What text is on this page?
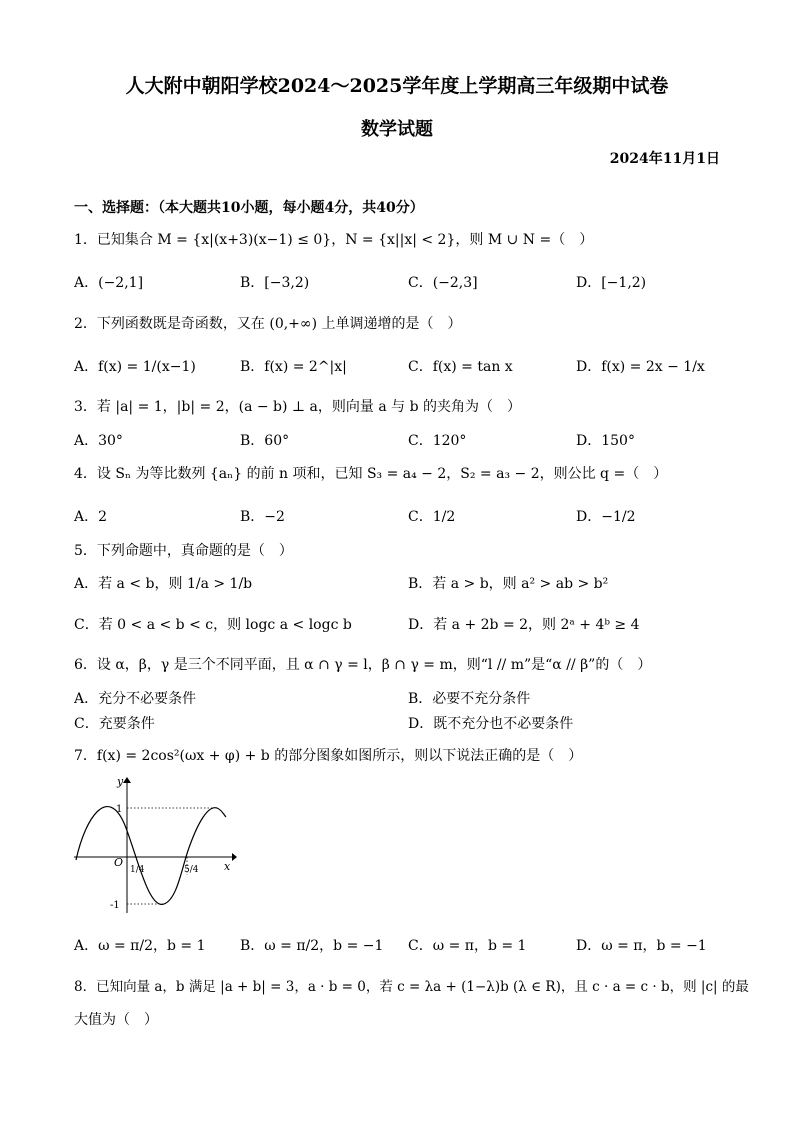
人大附中朝阳学校2024～2025学年度上学期高三年级期中试卷
数学试题
2024年11月1日
一、选择题：（本大题共10小题，每小题4分，共40分）
1．已知集合 M = {x|(x+3)(x−1) ≤ 0}，N = {x||x| < 2}，则 M ∪ N =（　）
A．(−2,1]	B．[−3,2)	C．(−2,3]	D．[−1,2)
2．下列函数既是奇函数，又在 (0,+∞) 上单调递增的是（　）
A．f(x) = 1/(x−1)	B．f(x) = 2^|x|	C．f(x) = tan x	D．f(x) = 2x − 1/x
3．若 |a| = 1，|b| = 2，(a − b) ⊥ a，则向量 a 与 b 的夹角为（　）
A．30°	B．60°	C．120°	D．150°
4．设 Sₙ 为等比数列 {aₙ} 的前 n 项和，已知 S₃ = a₄ − 2，S₂ = a₃ − 2，则公比 q =（　）
A．2	B．−2	C．1/2	D．−1/2
5．下列命题中，真命题的是（　）
A．若 a < b，则 1/a > 1/b	B．若 a > b，则 a² > ab > b²
C．若 0 < a < b < c，则 logc a < logc b	D．若 a + 2b = 2，则 2ᵃ + 4ᵇ ≥ 4
6．设 α，β，γ 是三个不同平面，且 α ∩ γ = l，β ∩ γ = m，则“l // m”是“α // β”的（　）
A．充分不必要条件	B．必要不充分条件
C．充要条件	D．既不充分也不必要条件
7．f(x) = 2cos²(ωx + φ) + b 的部分图象如图所示，则以下说法正确的是（　）
y
1
O
-1
1/4	5/4 x
A．ω = π/2，b = 1 B．ω = π/2，b = −1 C．ω = π，b = 1	D．ω = π，b = −1
8．已知向量 a，b 满足 |a + b| = 3，a · b = 0，若 c = λa + (1−λ)b (λ ∈ R)，且 c · a = c · b，则 |c| 的最
大值为（　）
